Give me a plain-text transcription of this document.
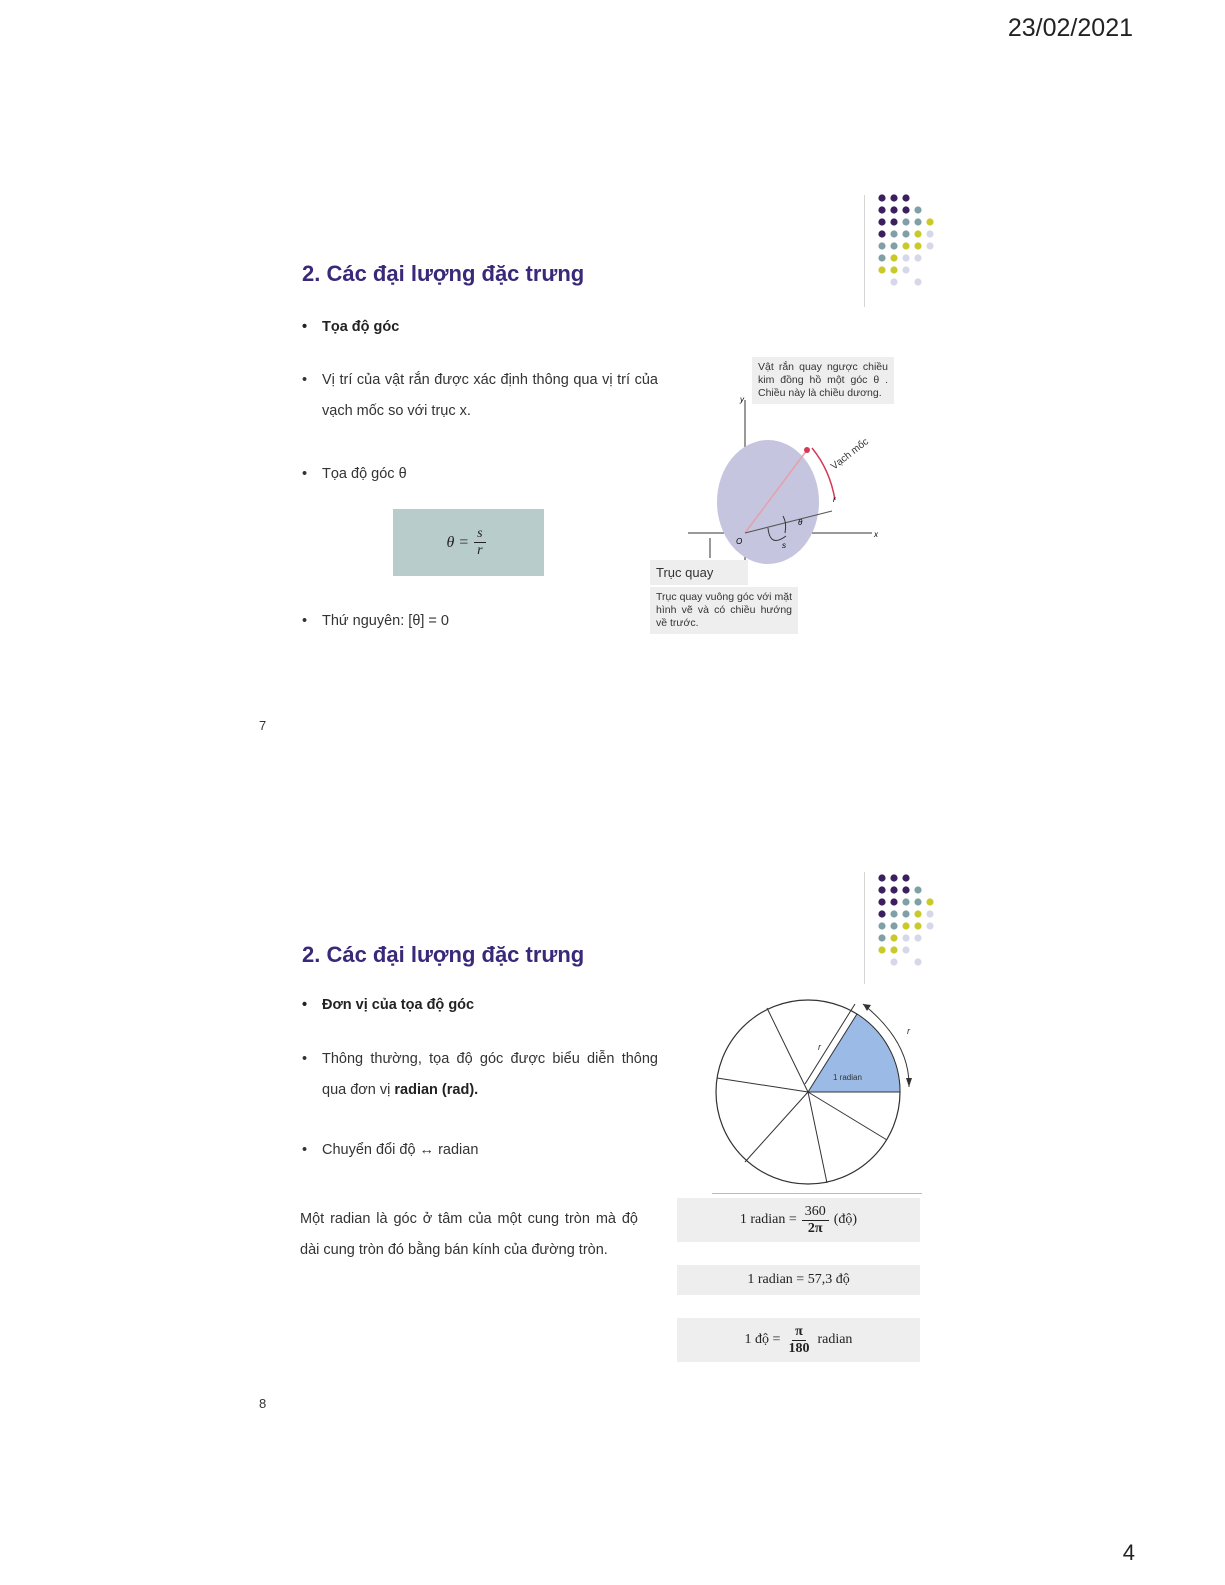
23/02/2021
4
2. Các đại lượng đặc trưng
• Tọa độ góc
• Vị trí của vật rắn được xác định thông qua vị trí của vạch mốc so với trục x.
• Tọa độ góc θ
$\theta = \frac{s}{r}$
• Thứ nguyên: [θ] = 0
y
x
r
θ
s
O
Vạch mốc
Vật rắn quay ngược chiều kim đồng hồ một góc θ . Chiều này là chiều dương.
Trục quay
Trục quay vuông góc với mặt hình vẽ và có chiều hướng về trước.
7
2. Các đại lượng đặc trưng
• Đơn vị của tọa độ góc
• Thông thường, tọa độ góc được biểu diễn thông qua đơn vị radian (rad).
• Chuyển đổi độ ↔ radian
Một radian là góc ở tâm của một cung tròn mà độ dài cung tròn đó bằng bán kính của đường tròn.
r
r
1 radian
1 radian = $\frac{360}{2\pi}$ (độ)
1 radian = 57,3 độ
1 độ = $\frac{\pi}{180}$ radian
8
